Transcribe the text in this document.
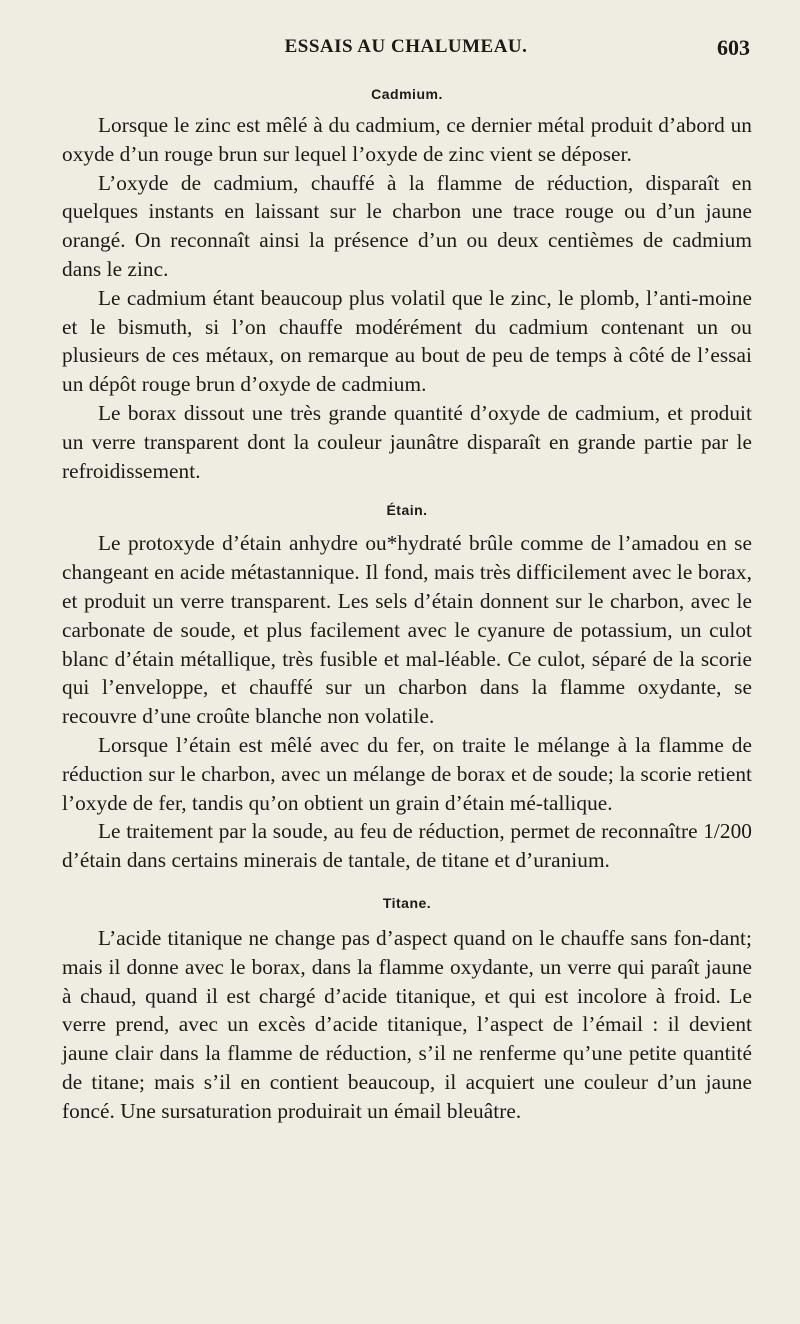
ESSAIS AU CHALUMEAU.	603
Cadmium.

Lorsque le zinc est mêlé à du cadmium, ce dernier métal produit d’abord un oxyde d’un rouge brun sur lequel l’oxyde de zinc vient se déposer.

L’oxyde de cadmium, chauffé à la flamme de réduction, disparaît en quelques instants en laissant sur le charbon une trace rouge ou d’un jaune orangé. On reconnaît ainsi la présence d’un ou deux centièmes de cadmium dans le zinc.

Le cadmium étant beaucoup plus volatil que le zinc, le plomb, l’anti-moine et le bismuth, si l’on chauffe modérément du cadmium contenant un ou plusieurs de ces métaux, on remarque au bout de peu de temps à côté de l’essai un dépôt rouge brun d’oxyde de cadmium.

Le borax dissout une très grande quantité d’oxyde de cadmium, et produit un verre transparent dont la couleur jaunâtre disparaît en grande partie par le refroidissement.

Étain.

Le protoxyde d’étain anhydre ou*hydraté brûle comme de l’amadou en se changeant en acide métastannique. Il fond, mais très difficilement avec le borax, et produit un verre transparent. Les sels d’étain donnent sur le charbon, avec le carbonate de soude, et plus facilement avec le cyanure de potassium, un culot blanc d’étain métallique, très fusible et mal-léable. Ce culot, séparé de la scorie qui l’enveloppe, et chauffé sur un charbon dans la flamme oxydante, se recouvre d’une croûte blanche non volatile.

Lorsque l’étain est mêlé avec du fer, on traite le mélange à la flamme de réduction sur le charbon, avec un mélange de borax et de soude; la scorie retient l’oxyde de fer, tandis qu’on obtient un grain d’étain mé-tallique.

Le traitement par la soude, au feu de réduction, permet de reconnaître 1/200 d’étain dans certains minerais de tantale, de titane et d’uranium.

Titane.

L’acide titanique ne change pas d’aspect quand on le chauffe sans fon-dant; mais il donne avec le borax, dans la flamme oxydante, un verre qui paraît jaune à chaud, quand il est chargé d’acide titanique, et qui est incolore à froid. Le verre prend, avec un excès d’acide titanique, l’aspect de l’émail : il devient jaune clair dans la flamme de réduction, s’il ne renferme qu’une petite quantité de titane; mais s’il en contient beaucoup, il acquiert une couleur d’un jaune foncé. Une sursaturation produirait un émail bleuâtre.
